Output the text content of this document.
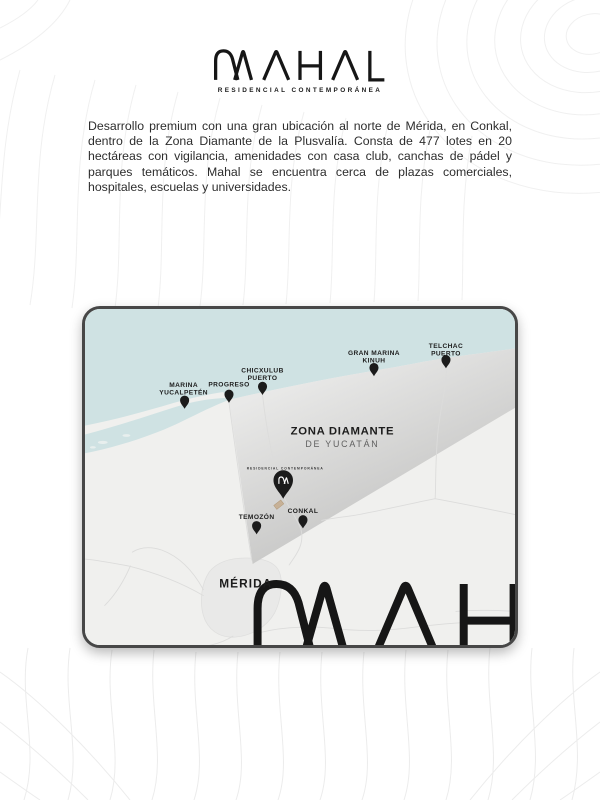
RESIDENCIAL CONTEMPORÁNEA

Desarrollo premium con una gran ubicación al norte de Mérida, en Conkal, dentro de la Zona Diamante de la Plusvalía. Consta de 477 lotes en 20 hectáreas con vigilancia, amenidades con casa club, canchas de pádel y parques temáticos. Mahal se encuentra cerca de plazas comerciales, hospitales, escuelas y universidades.

ZONA DIAMANTE
DE YUCATÁN
RESIDENCIAL CONTEMPORÁNEA
MARINA
YUCALPETÉN
PROGRESO
CHICXULUB
PUERTO
GRAN MARINA
KINUH
TELCHAC
PUERTO
TEMOZÓN
CONKAL
MÉRIDA
